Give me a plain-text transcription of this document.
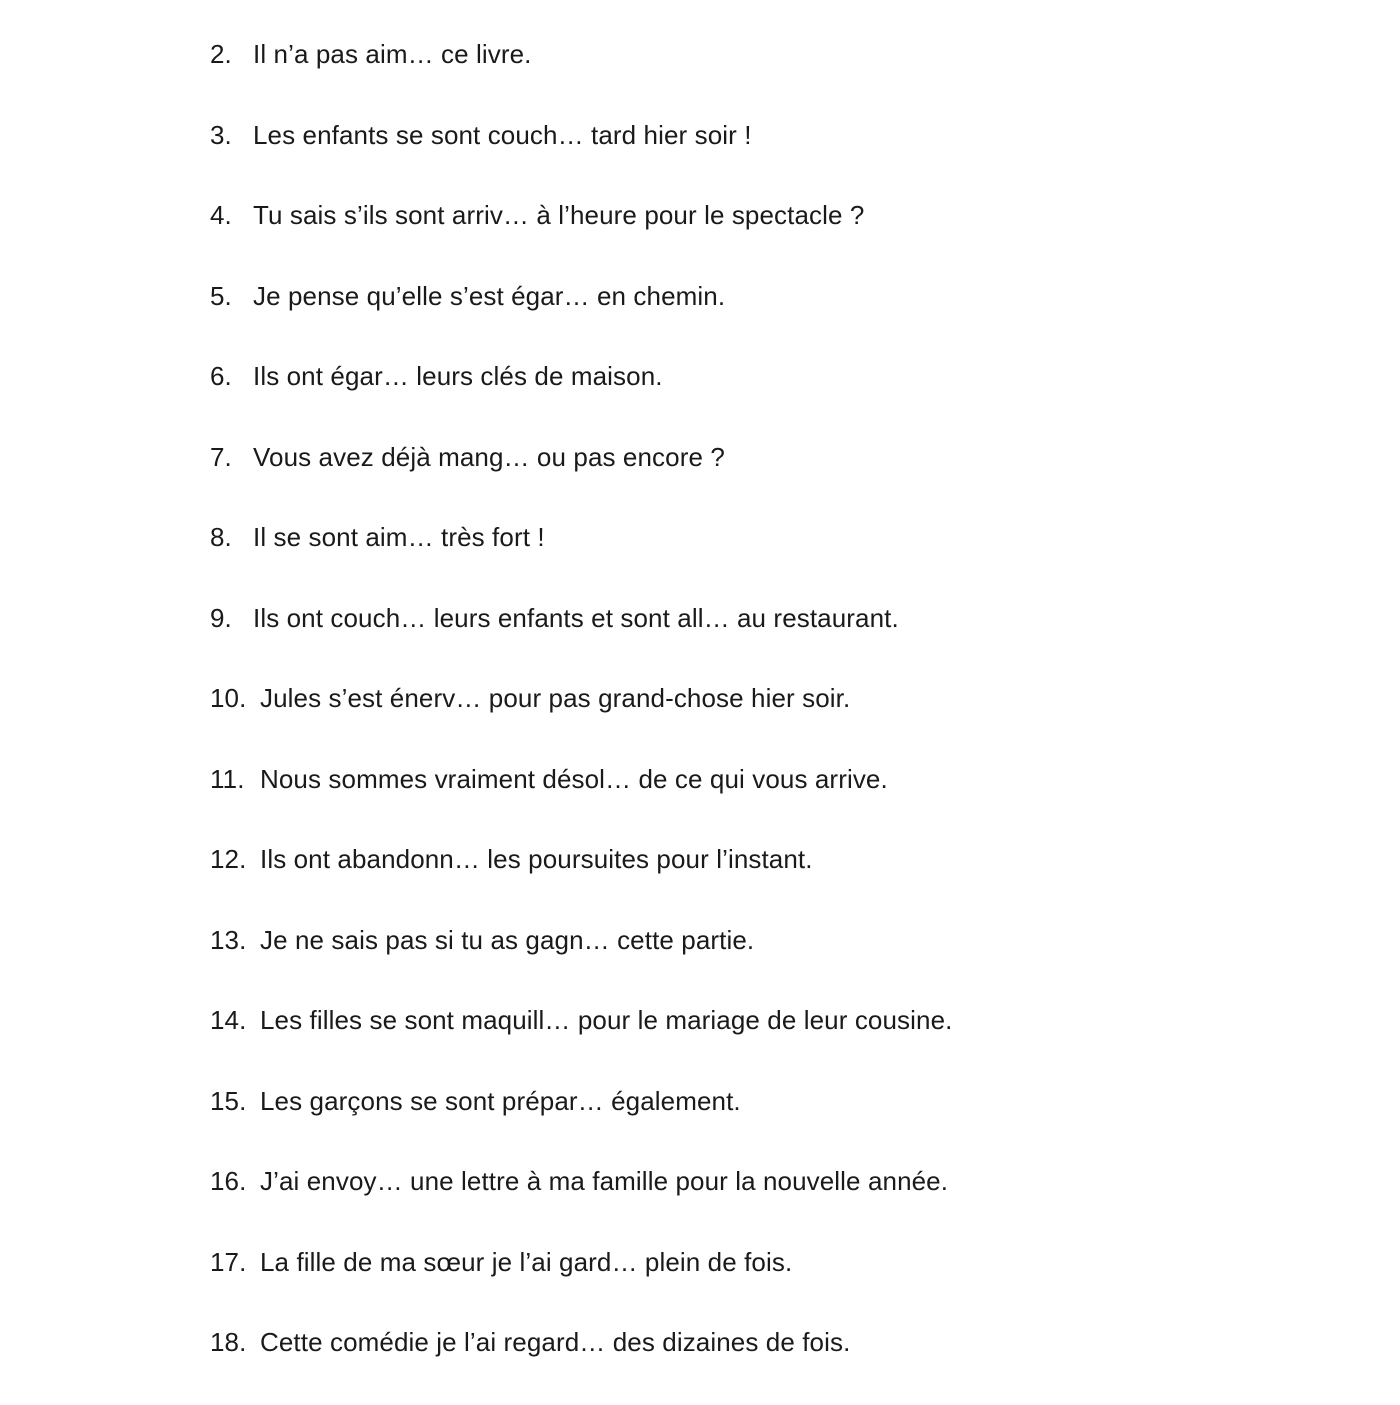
2. Il n’a pas aim… ce livre.
3. Les enfants se sont couch… tard hier soir !
4. Tu sais s’ils sont arriv… à l’heure pour le spectacle ?
5. Je pense qu’elle s’est égar… en chemin.
6. Ils ont égar… leurs clés de maison.
7. Vous avez déjà mang… ou pas encore ?
8. Il se sont aim… très fort !
9. Ils ont couch… leurs enfants et sont all… au restaurant.
10. Jules s’est énerv… pour pas grand-chose hier soir.
11. Nous sommes vraiment désol… de ce qui vous arrive.
12. Ils ont abandonn… les poursuites pour l’instant.
13. Je ne sais pas si tu as gagn… cette partie.
14. Les filles se sont maquill… pour le mariage de leur cousine.
15. Les garçons se sont prépar… également.
16. J’ai envoy… une lettre à ma famille pour la nouvelle année.
17. La fille de ma sœur je l’ai gard… plein de fois.
18. Cette comédie je l’ai regard… des dizaines de fois.
